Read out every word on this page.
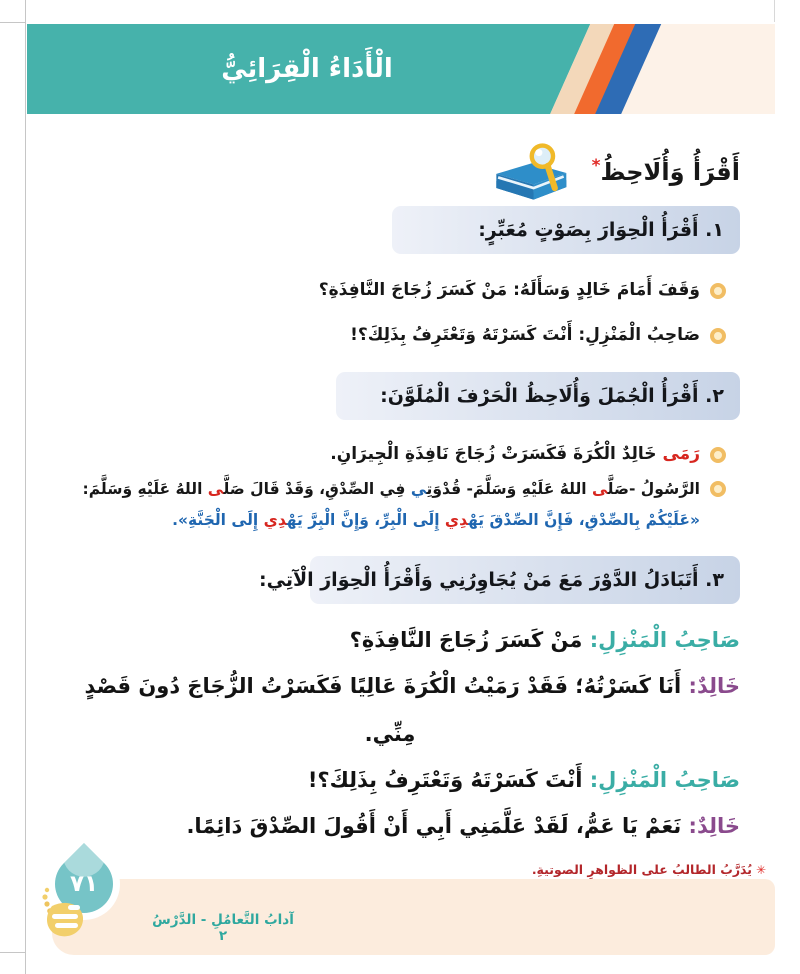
الْأَدَاءُ الْقِرَائِيُّ
أَقْرَأُ وَأُلَاحِظُ*
١. أَقْرَأُ الْحِوَارَ بِصَوْتٍ مُعَبِّرٍ:
وَقَفَ أَمَامَ خَالِدٍ وَسَأَلَهُ: مَنْ كَسَرَ زُجَاجَ النَّافِذَةِ؟
صَاحِبُ الْمَنْزِلِ: أَنْتَ كَسَرْتَهُ وَتَعْتَرِفُ بِذَلِكَ؟!
٢. أَقْرَأُ الْجُمَلَ وَأُلَاحِظُ الْحَرْفَ الْمُلَوَّنَ:
رَمَى خَالِدٌ الْكُرَةَ فَكَسَرَتْ زُجَاجَ نَافِذَةِ الْجِيرَانِ.
الرَّسُولُ -صَلَّى اللهُ عَلَيْهِ وَسَلَّمَ- قُدْوَتِي فِي الصِّدْقِ، وَقَدْ قَالَ صَلَّى اللهُ عَلَيْهِ وَسَلَّمَ:
«عَلَيْكُمْ بِالصِّدْقِ، فَإِنَّ الصِّدْقَ يَهْدِي إِلَى الْبِرِّ، وَإِنَّ الْبِرَّ يَهْدِي إِلَى الْجَنَّةِ».
٣. أَتَبَادَلُ الدَّوْرَ مَعَ مَنْ يُجَاوِرُنِي وَأَقْرَأُ الْحِوَارَ الْآتِي:
صَاحِبُ الْمَنْزِلِ: مَنْ كَسَرَ زُجَاجَ النَّافِذَةِ؟
خَالِدٌ: أَنَا كَسَرْتُهُ؛ فَقَدْ رَمَيْتُ الْكُرَةَ عَالِيًا فَكَسَرْتُ الزُّجَاجَ دُونَ قَصْدٍ
مِنِّي.
صَاحِبُ الْمَنْزِلِ: أَنْتَ كَسَرْتَهُ وَتَعْتَرِفُ بِذَلِكَ؟!
خَالِدٌ: نَعَمْ يَا عَمُّ، لَقَدْ عَلَّمَنِي أَبِي أَنْ أَقُولَ الصِّدْقَ دَائِمًا.
✳يُدَرَّبُ الطالبُ على الظواهرِ الصوتيةِ.
آدابُ التَّعامُلِ - الدَّرْسُ ٢
٧١
